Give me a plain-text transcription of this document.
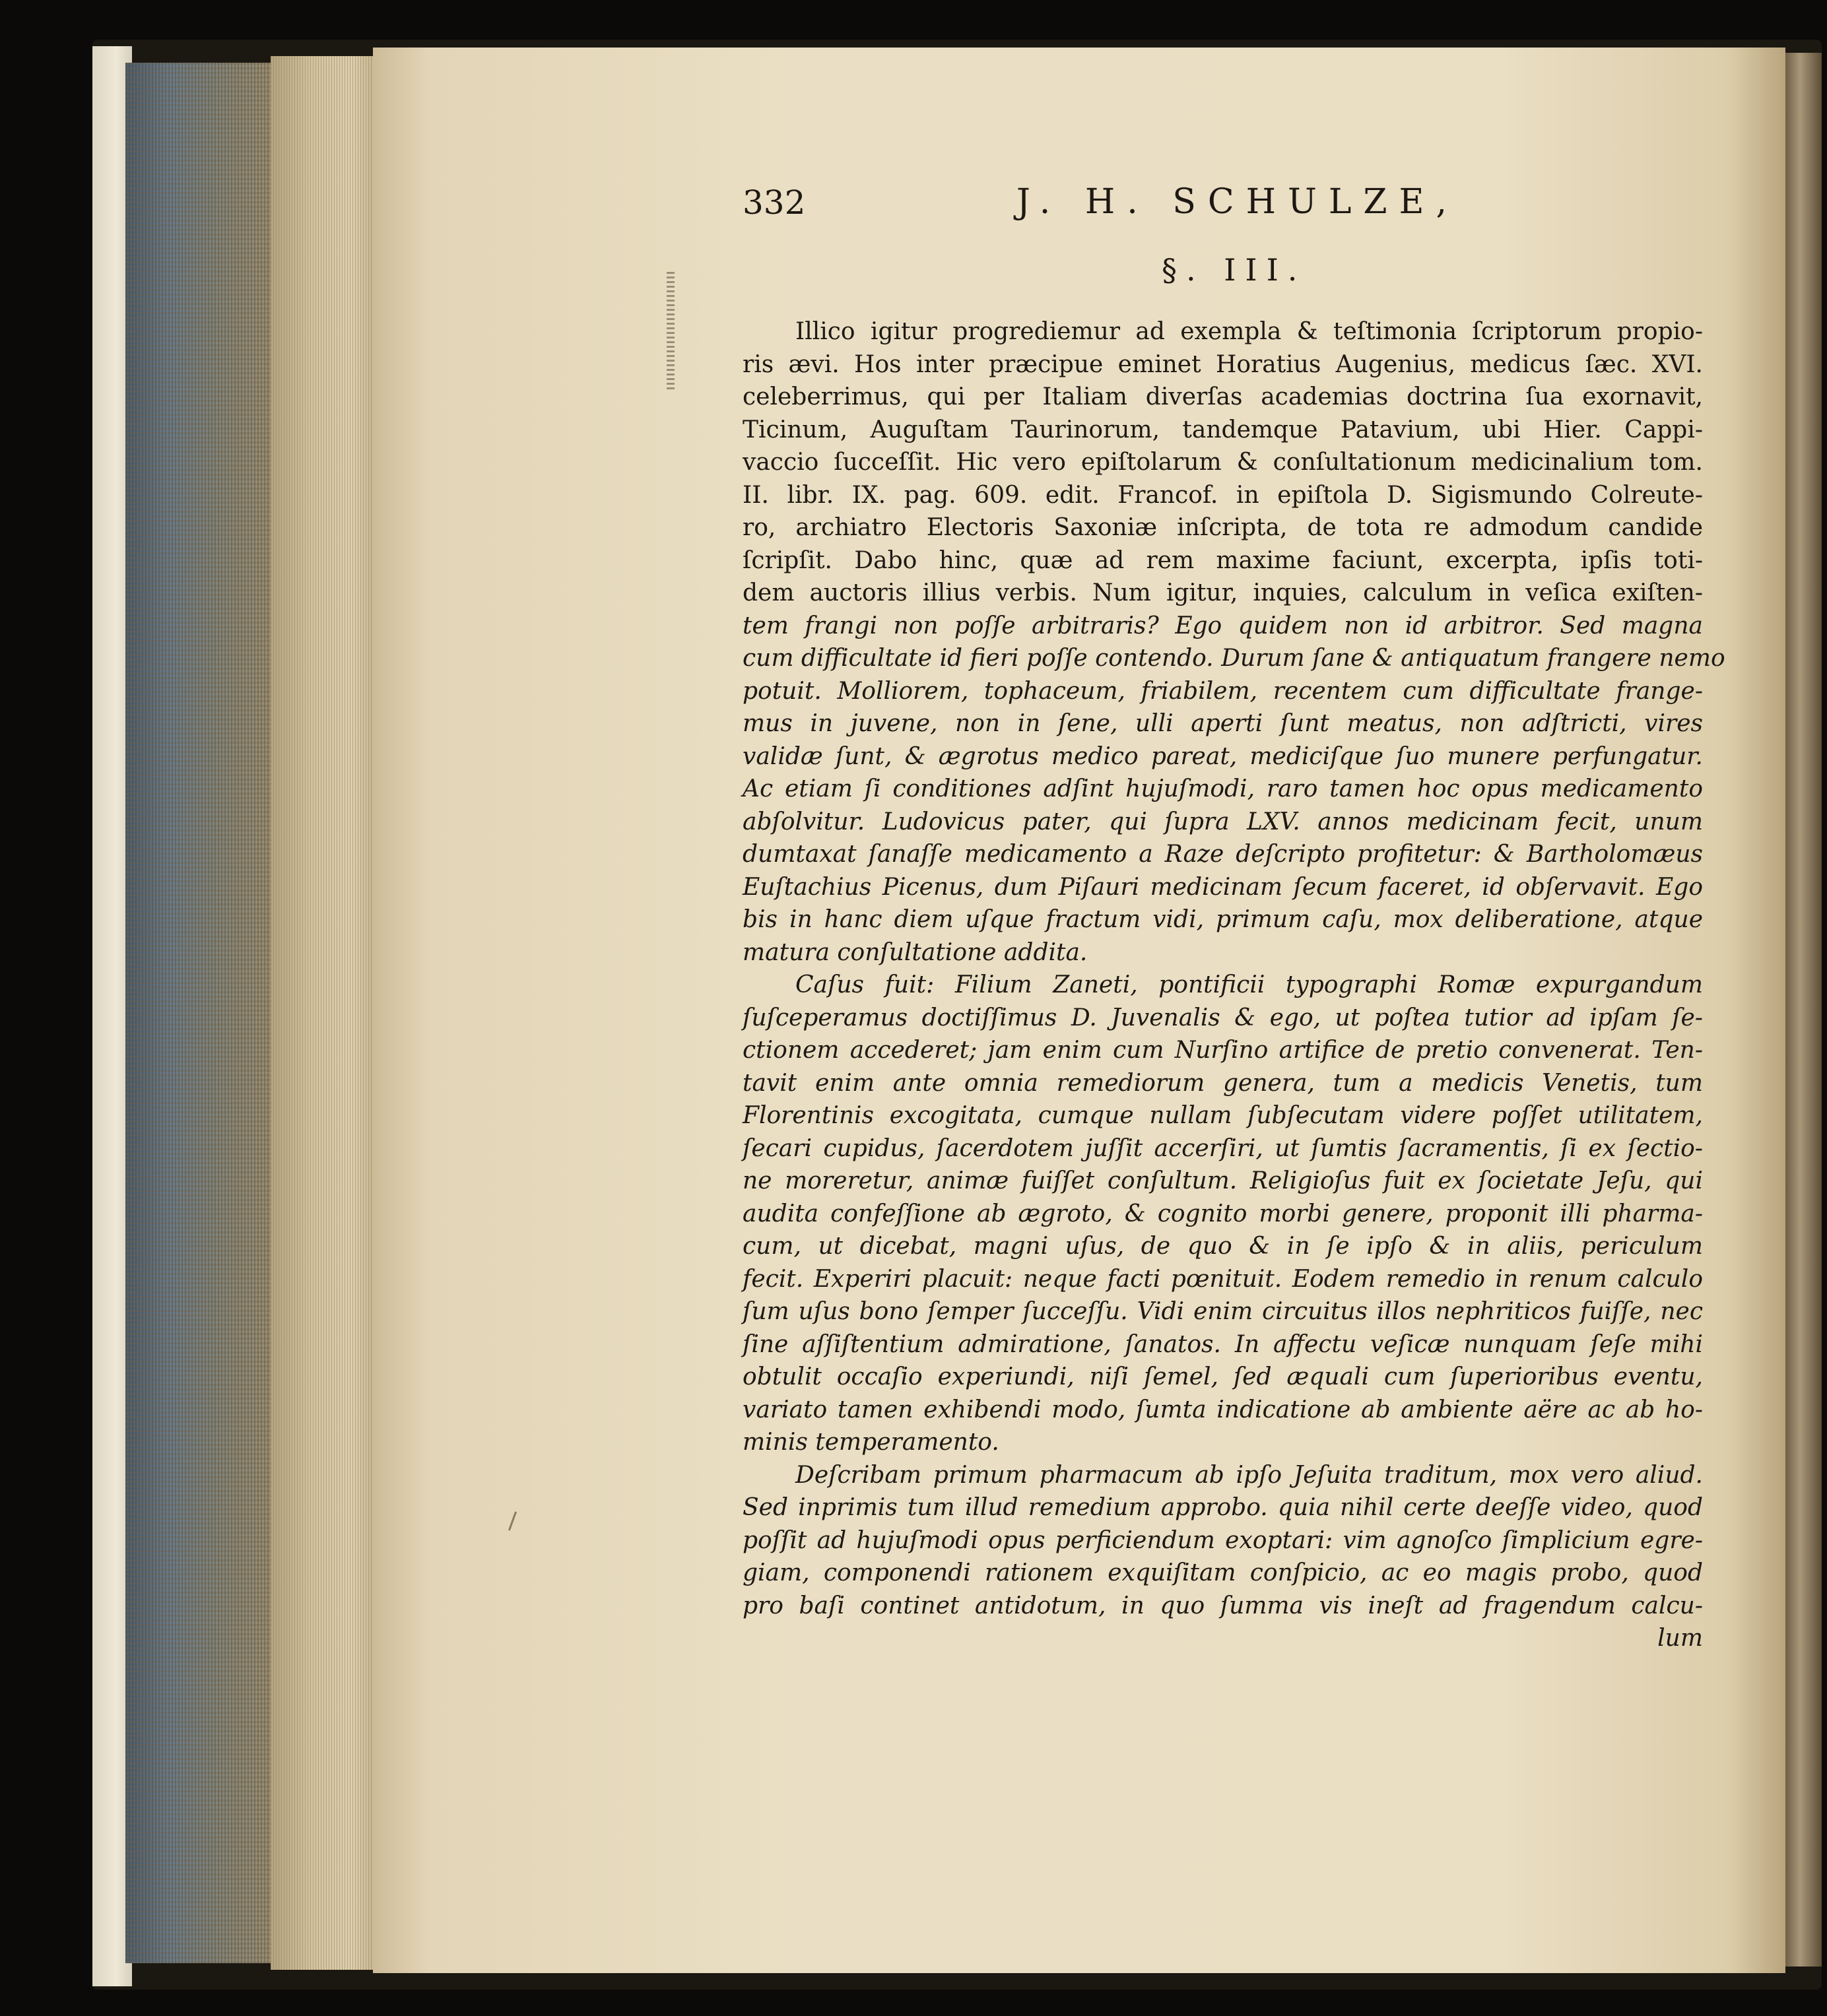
332	J. H. SCHULZE,
§. III.
Illico igitur progrediemur ad exempla & teſtimonia ſcriptorum propio-
ris ævi. Hos inter præcipue eminet Horatius Augenius, medicus ſæc. XVI.
celeberrimus, qui per Italiam diverſas academias doctrina ſua exornavit,
Ticinum, Auguſtam Taurinorum, tandemque Patavium, ubi Hier. Cappi-
vaccio ſucceſſit. Hic vero epiſtolarum & conſultationum medicinalium tom.
II. libr. IX. pag. 609. edit. Francof. in epiſtola D. Sigismundo Colreute-
ro, archiatro Electoris Saxoniæ inſcripta, de tota re admodum candide
ſcripſit. Dabo hinc, quæ ad rem maxime faciunt, excerpta, ipſis toti-
dem auctoris illius verbis. Num igitur, inquies, calculum in veſica exiſten-
tem frangi non poſſe arbitraris? Ego quidem non id arbitror. Sed magna
cum difficultate id fieri poſſe contendo. Durum ſane & antiquatum frangere nemo
potuit. Molliorem, tophaceum, friabilem, recentem cum difficultate frange-
mus in juvene, non in ſene, ulli aperti ſunt meatus, non adſtricti, vires
validæ ſunt, & ægrotus medico pareat, mediciſque ſuo munere perfungatur.
Ac etiam ſi conditiones adſint hujuſmodi, raro tamen hoc opus medicamento
abſolvitur. Ludovicus pater, qui ſupra LXV. annos medicinam fecit, unum
dumtaxat ſanaſſe medicamento a Raze deſcripto profitetur: & Bartholomæus
Euſtachius Picenus, dum Piſauri medicinam ſecum faceret, id obſervavit. Ego
bis in hanc diem uſque fractum vidi, primum caſu, mox deliberatione, atque
matura conſultatione addita.
Caſus fuit: Filium Zaneti, pontificii typographi Romæ expurgandum
ſuſceperamus doctiſſimus D. Juvenalis & ego, ut poſtea tutior ad ipſam ſe-
ctionem accederet; jam enim cum Nurſino artifice de pretio convenerat. Ten-
tavit enim ante omnia remediorum genera, tum a medicis Venetis, tum
Florentinis excogitata, cumque nullam ſubſecutam videre poſſet utilitatem,
ſecari cupidus, ſacerdotem juſſit accerſiri, ut ſumtis ſacramentis, ſi ex ſectio-
ne moreretur, animæ fuiſſet conſultum. Religioſus fuit ex ſocietate Jeſu, qui
audita confeſſione ab ægroto, & cognito morbi genere, proponit illi pharma-
cum, ut dicebat, magni uſus, de quo & in ſe ipſo & in aliis, periculum
fecit. Experiri placuit: neque facti pœnituit. Eodem remedio in renum calculo
ſum uſus bono ſemper ſucceſſu. Vidi enim circuitus illos nephriticos fuiſſe, nec
ſine aſſiſtentium admiratione, ſanatos. In affectu veſicæ nunquam ſeſe mihi
obtulit occaſio experiundi, niſi ſemel, ſed æquali cum ſuperioribus eventu,
variato tamen exhibendi modo, ſumta indicatione ab ambiente aëre ac ab ho-
minis temperamento.
Deſcribam primum pharmacum ab ipſo Jeſuita traditum, mox vero aliud.
Sed inprimis tum illud remedium approbo. quia nihil certe deeſſe video, quod
poſſit ad hujuſmodi opus perficiendum exoptari: vim agnoſco ſimplicium egre-
giam, componendi rationem exquiſitam conſpicio, ac eo magis probo, quod
pro baſi continet antidotum, in quo ſumma vis ineſt ad fragendum calcu-
lum
